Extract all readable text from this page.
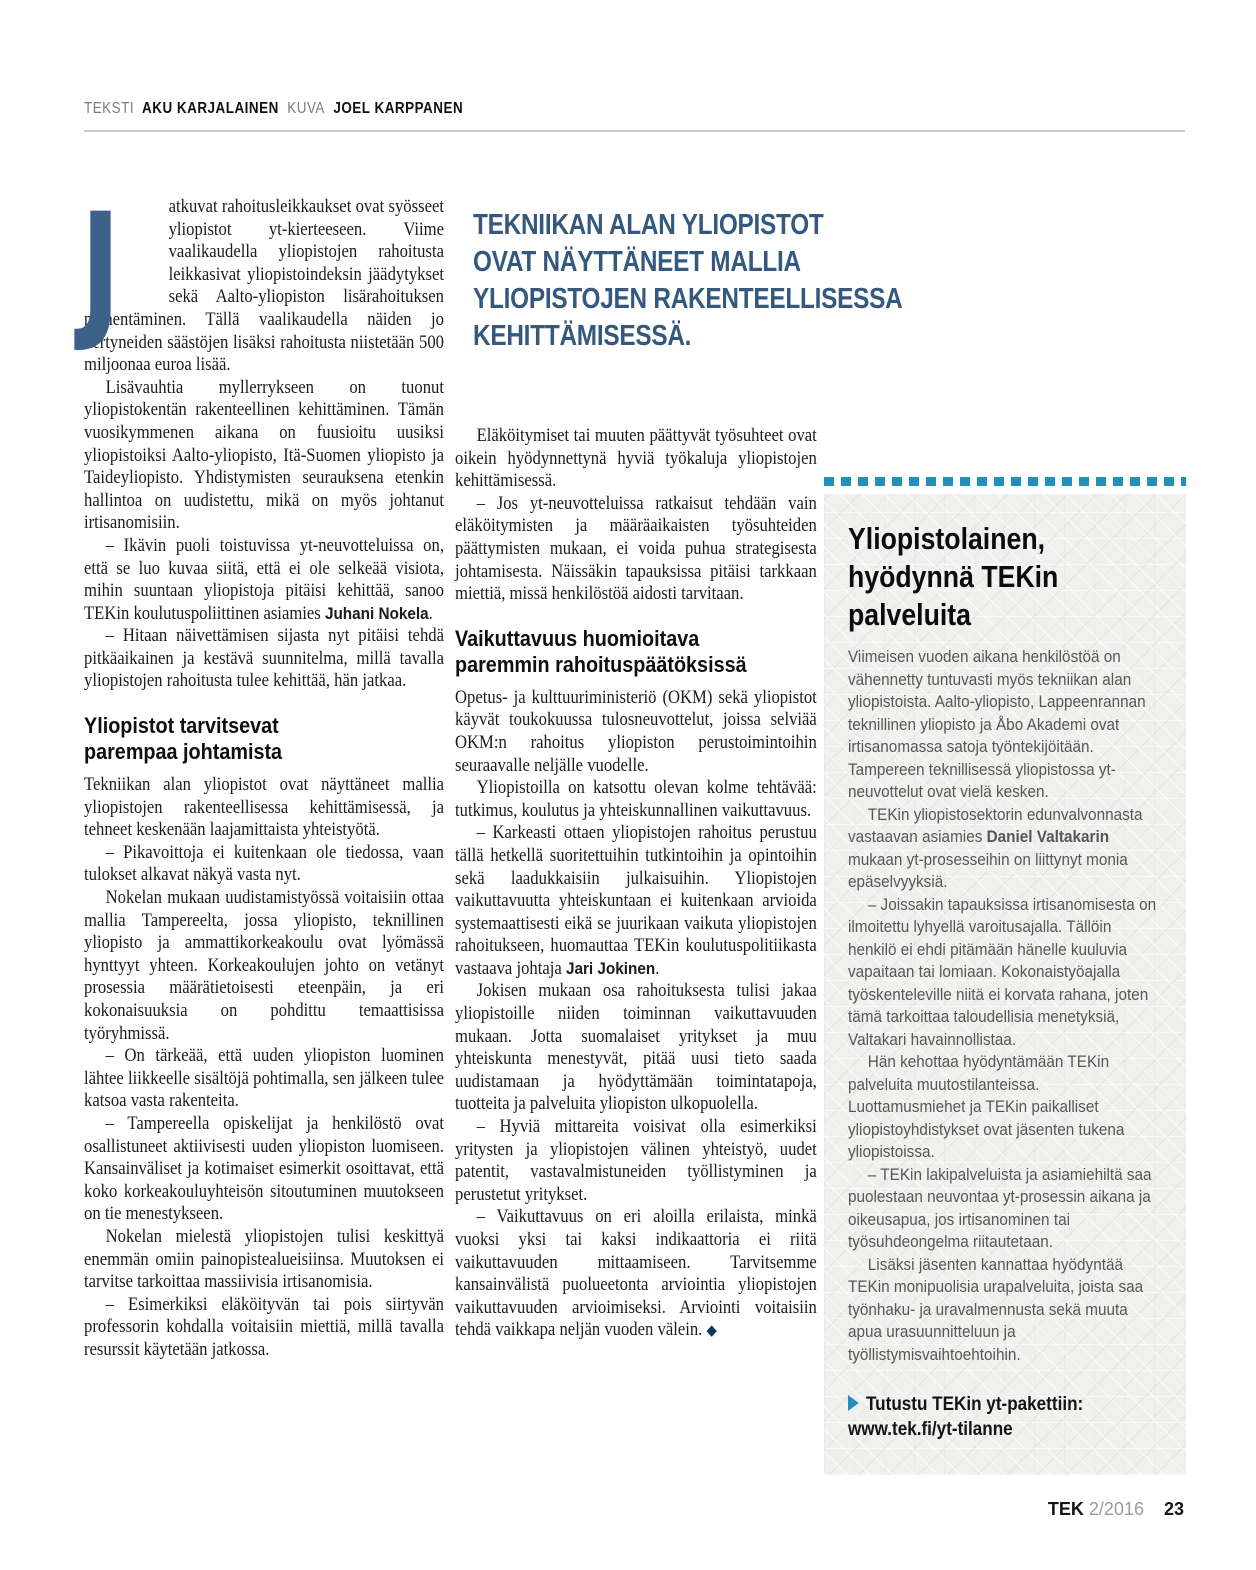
TEKSTI AKU KARJALAINEN KUVA JOEL KARPPANEN
TEKNIIKAN ALAN YLIOPISTOT
OVAT NÄYTTÄNEET MALLIA
YLIOPISTOJEN RAKENTEELLISESSA
KEHITTÄMISESSÄ.
J	atkuvat rahoitusleikkaukset ovat syösseet yliopistot yt-kierteeseen. Viime vaalikaudella yliopistojen rahoitusta leikkasivat yliopistoindeksin jäädytykset sekä Aalto-yliopiston lisärahoituksen pienentäminen. Tällä vaalikaudella näiden jo kertyneiden säästöjen lisäksi rahoitusta niistetään 500 miljoonaa euroa lisää.

Lisävauhtia myllerrykseen on tuonut yliopistokentän rakenteellinen kehittäminen. Tämän vuosikymmenen aikana on fuusioitu uusiksi yliopistoiksi Aalto-yliopisto, Itä-Suomen yliopisto ja Taideyliopisto. Yhdistymisten seurauksena etenkin hallintoa on uudistettu, mikä on myös johtanut irtisanomisiin.

– Ikävin puoli toistuvissa yt-neuvotteluissa on, että se luo kuvaa siitä, että ei ole selkeää visiota, mihin suuntaan yliopistoja pitäisi kehittää, sanoo TEKin koulutuspoliittinen asiamies Juhani Nokela.

– Hitaan näivettämisen sijasta nyt pitäisi tehdä pitkäaikainen ja kestävä suunnitelma, millä tavalla yliopistojen rahoitusta tulee kehittää, hän jatkaa.

Yliopistot tarvitsevat
parempaa johtamista

Tekniikan alan yliopistot ovat näyttäneet mallia yliopistojen rakenteellisessa kehittämisessä, ja tehneet keskenään laajamittaista yhteistyötä.

– Pikavoittoja ei kuitenkaan ole tiedossa, vaan tulokset alkavat näkyä vasta nyt.

Nokelan mukaan uudistamistyössä voitaisiin ottaa mallia Tampereelta, jossa yliopisto, teknillinen yliopisto ja ammattikorkeakoulu ovat lyömässä hynttyyt yhteen. Korkeakoulujen johto on vetänyt prosessia määrätietoisesti eteenpäin, ja eri kokonaisuuksia on pohdittu temaattisissa työryhmissä.

– On tärkeää, että uuden yliopiston luominen lähtee liikkeelle sisältöjä pohtimalla, sen jälkeen tulee katsoa vasta rakenteita.

– Tampereella opiskelijat ja henkilöstö ovat osallistuneet aktiivisesti uuden yliopiston luomiseen. Kansainväliset ja kotimaiset esimerkit osoittavat, että koko korkeakouluyhteisön sitoutuminen muutokseen on tie menestykseen.

Nokelan mielestä yliopistojen tulisi keskittyä enemmän omiin painopistealueisiinsa. Muutoksen ei tarvitse tarkoittaa massiivisia irtisanomisia.

– Esimerkiksi eläköityvän tai pois siirtyvän professorin kohdalla voitaisiin miettiä, millä tavalla resurssit käytetään jatkossa.

Eläköitymiset tai muuten päättyvät työsuhteet ovat oikein hyödynnettynä hyviä työkaluja yliopistojen kehittämisessä.

– Jos yt-neuvotteluissa ratkaisut tehdään vain eläköitymisten ja määräaikaisten työsuhteiden päättymisten mukaan, ei voida puhua strategisesta johtamisesta. Näissäkin tapauksissa pitäisi tarkkaan miettiä, missä henkilöstöä aidosti tarvitaan.

Vaikuttavuus huomioitava
paremmin rahoituspäätöksissä

Opetus- ja kulttuuriministeriö (OKM) sekä yliopistot käyvät toukokuussa tulosneuvottelut, joissa selviää OKM:n rahoitus yliopiston perustoimintoihin seuraavalle neljälle vuodelle.

Yliopistoilla on katsottu olevan kolme tehtävää: tutkimus, koulutus ja yhteiskunnallinen vaikuttavuus.

– Karkeasti ottaen yliopistojen rahoitus perustuu tällä hetkellä suoritettuihin tutkintoihin ja opintoihin sekä laadukkaisiin julkaisuihin. Yliopistojen vaikuttavuutta yhteiskuntaan ei kuitenkaan arvioida systemaattisesti eikä se juurikaan vaikuta yliopistojen rahoitukseen, huomauttaa TEKin koulutuspolitiikasta vastaava johtaja Jari Jokinen.

Jokisen mukaan osa rahoituksesta tulisi jakaa yliopistoille niiden toiminnan vaikuttavuuden mukaan. Jotta suomalaiset yritykset ja muu yhteiskunta menestyvät, pitää uusi tieto saada uudistamaan ja hyödyttämään toimintatapoja, tuotteita ja palveluita yliopiston ulkopuolella.

– Hyviä mittareita voisivat olla esimerkiksi yritysten ja yliopistojen välinen yhteistyö, uudet patentit, vastavalmistuneiden työllistyminen ja perustetut yritykset.

– Vaikuttavuus on eri aloilla erilaista, minkä vuoksi yksi tai kaksi indikaattoria ei riitä vaikuttavuuden mittaamiseen. Tarvitsemme kansainvälistä puolueetonta arviointia yliopistojen vaikuttavuuden arvioimiseksi. Arviointi voitaisiin tehdä vaikkapa neljän vuoden välein. ◆

Yliopistolainen,
hyödynnä TEKin
palveluita

Viimeisen vuoden aikana henkilöstöä on vähennetty tuntuvasti myös tekniikan alan yliopistoista. Aalto-yliopisto, Lappeenrannan teknillinen yliopisto ja Åbo Akademi ovat irtisanomassa satoja työntekijöitään. Tampereen teknillisessä yliopistossa yt-neuvottelut ovat vielä kesken.

TEKin yliopistosektorin edunvalvonnasta vastaavan asiamies Daniel Valtakarin mukaan yt-prosesseihin on liittynyt monia epäselvyyksiä.

– Joissakin tapauksissa irtisanomisesta on ilmoitettu lyhyellä varoitusajalla. Tällöin henkilö ei ehdi pitämään hänelle kuuluvia vapaitaan tai lomiaan. Kokonaistyöajalla työskenteleville niitä ei korvata rahana, joten tämä tarkoittaa taloudellisia menetyksiä, Valtakari havainnollistaa.

Hän kehottaa hyödyntämään TEKin palveluita muutostilanteissa. Luottamusmiehet ja TEKin paikalliset yliopistoyhdistykset ovat jäsenten tukena yliopistoissa.

– TEKin lakipalveluista ja asiamiehiltä saa puolestaan neuvontaa yt-prosessin aikana ja oikeusapua, jos irtisanominen tai työsuhdeongelma riitautetaan.

Lisäksi jäsenten kannattaa hyödyntää TEKin monipuolisia urapalveluita, joista saa työnhaku- ja uravalmennusta sekä muuta apua urasuunnitteluun ja työllistymisvaihtoehtoihin.

Tutustu TEKin yt-pakettiin:
www.tek.fi/yt-tilanne
TEK 2/2016 23
